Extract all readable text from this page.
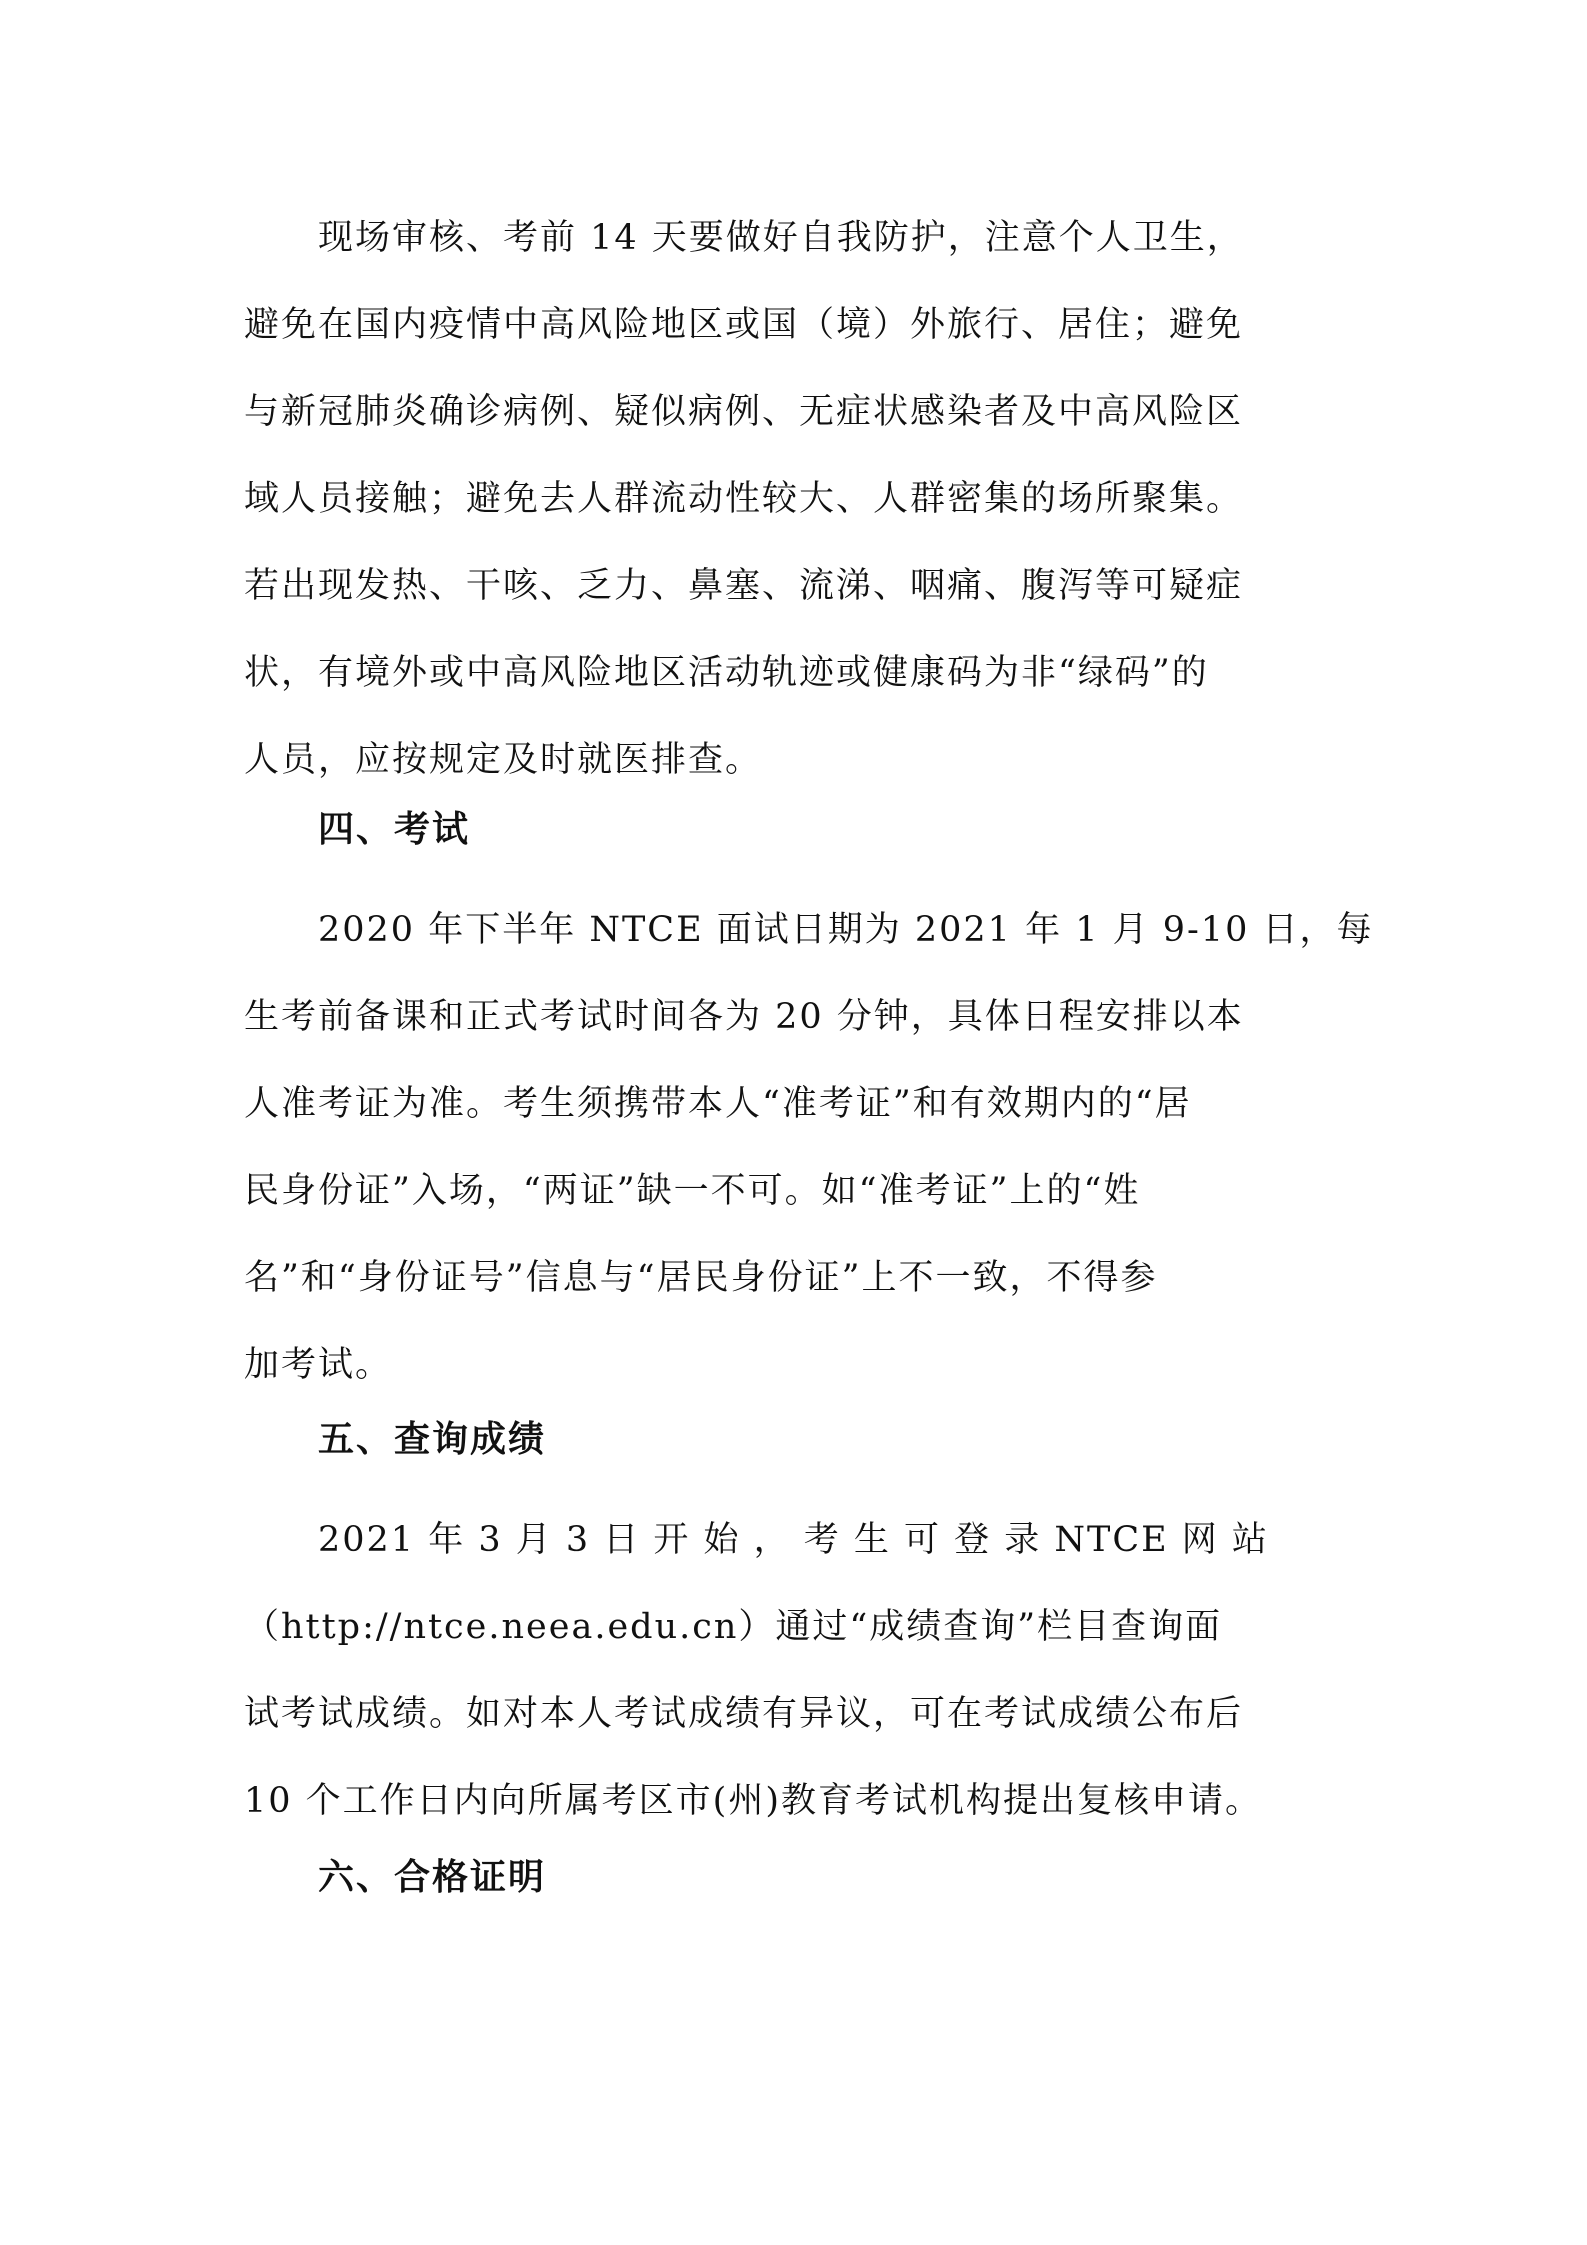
现场审核、考前 14 天要做好自我防护，注意个人卫生，
避免在国内疫情中高风险地区或国（境）外旅行、居住；避免
与新冠肺炎确诊病例、疑似病例、无症状感染者及中高风险区
域人员接触；避免去人群流动性较大、人群密集的场所聚集。
若出现发热、干咳、乏力、鼻塞、流涕、咽痛、腹泻等可疑症
状，有境外或中高风险地区活动轨迹或健康码为非“绿码”的
人员，应按规定及时就医排查。
四、考试
2020 年下半年 NTCE 面试日期为 2021 年 1 月 9-10 日，每
生考前备课和正式考试时间各为 20 分钟，具体日程安排以本
人准考证为准。考生须携带本人“准考证”和有效期内的“居
民身份证”入场，“两证”缺一不可。如“准考证”上的“姓
名”和“身份证号”信息与“居民身份证”上不一致，不得参
加考试。
五、查询成绩
2021 年 3 月 3 日 开 始 ， 考 生 可 登 录 NTCE 网 站
（http://ntce.neea.edu.cn）通过“成绩查询”栏目查询面
试考试成绩。如对本人考试成绩有异议，可在考试成绩公布后
10 个工作日内向所属考区市(州)教育考试机构提出复核申请。
六、合格证明
